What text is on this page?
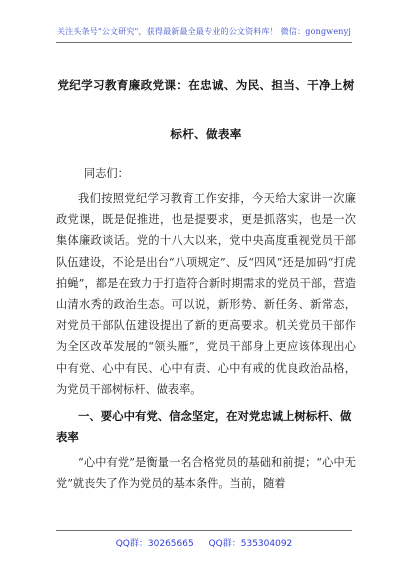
关注头条号"公文研究"，获得最新最全最专业的公文资料库！ 微信：gongwenyj
党纪学习教育廉政党课：在忠诚、为民、担当、干净上树
标杆、做表率
同志们：
我们按照党纪学习教育工作安排，今天给大家讲一次廉政党课，既是促推进，也是提要求，更是抓落实，也是一次集体廉政谈话。党的十八大以来，党中央高度重视党员干部队伍建设，不论是出台“八项规定”、反“四风”还是加码“打虎拍蝇”，都是在致力于打造符合新时期需求的党员干部，营造山清水秀的政治生态。可以说，新形势、新任务、新常态，对党员干部队伍建设提出了新的更高要求。机关党员干部作为全区改革发展的“领头雁”，党员干部身上更应该体现出心中有党、心中有民、心中有责、心中有戒的优良政治品格，为党员干部树标杆、做表率。
一、要心中有党、信念坚定，在对党忠诚上树标杆、做表率
“心中有党”是衡量一名合格党员的基础和前提；“心中无党”就丧失了作为党员的基本条件。当前，随着
QQ群：30265665 QQ群：535304092
